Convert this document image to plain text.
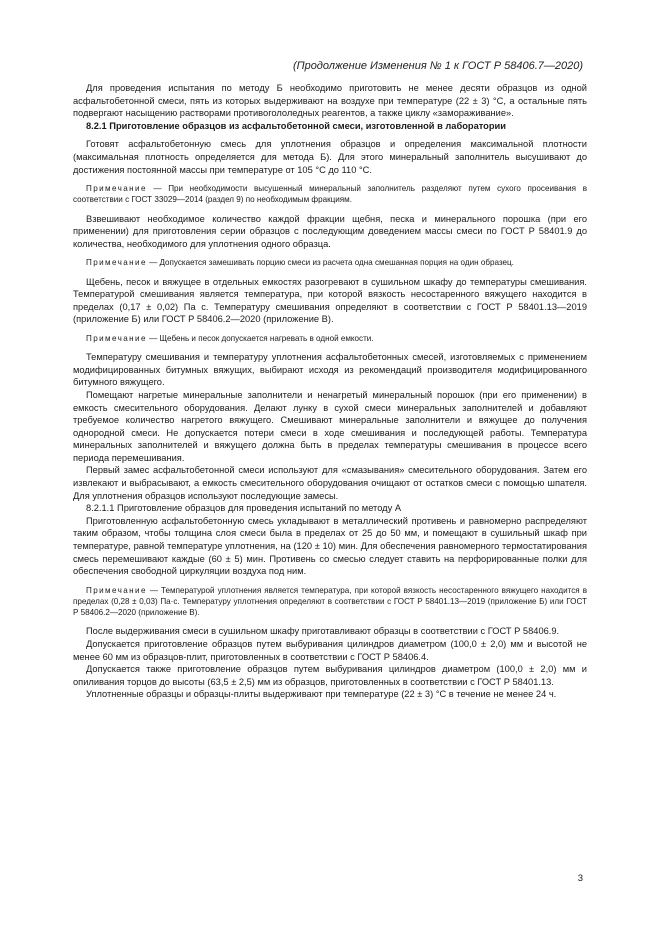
(Продолжение Изменения № 1 к ГОСТ Р 58406.7—2020)

Для проведения испытания по методу Б необходимо приготовить не менее десяти образцов из одной асфальтобетонной смеси, пять из которых выдерживают на воздухе при температуре (22 ± 3) °С, а остальные пять подвергают насыщению растворами противогололедных реагентов, а также циклу «замораживание».

8.2.1 Приготовление образцов из асфальтобетонной смеси, изготовленной в лаборатории

Готовят асфальтобетонную смесь для уплотнения образцов и определения максимальной плотности (максимальная плотность определяется для метода Б). Для этого минеральный заполнитель высушивают до достижения постоянной массы при температуре от 105 °С до 110 °С.

Примечание — При необходимости высушенный минеральный заполнитель разделяют путем сухого просеивания в соответствии с ГОСТ 33029—2014 (раздел 9) по необходимым фракциям.

Взвешивают необходимое количество каждой фракции щебня, песка и минерального порошка (при его применении) для приготовления серии образцов с последующим доведением массы смеси по ГОСТ Р 58401.9 до количества, необходимого для уплотнения одного образца.

Примечание — Допускается замешивать порцию смеси из расчета одна смешанная порция на один образец.

Щебень, песок и вяжущее в отдельных емкостях разогревают в сушильном шкафу до температуры смешивания. Температурой смешивания является температура, при которой вязкость несостаренного вяжущего находится в пределах (0,17 ± 0,02) Па с. Температуру смешивания определяют в соответствии с ГОСТ Р 58401.13—2019 (приложение Б) или ГОСТ Р 58406.2—2020 (приложение В).

Примечание — Щебень и песок допускается нагревать в одной емкости.

Температуру смешивания и температуру уплотнения асфальтобетонных смесей, изготовляемых с применением модифицированных битумных вяжущих, выбирают исходя из рекомендаций производителя модифицированного битумного вяжущего.

Помещают нагретые минеральные заполнители и ненагретый минеральный порошок (при его применении) в емкость смесительного оборудования. Делают лунку в сухой смеси минеральных заполнителей и добавляют требуемое количество нагретого вяжущего. Смешивают минеральные заполнители и вяжущее до получения однородной смеси. Не допускается потери смеси в ходе смешивания и последующей работы. Температура минеральных заполнителей и вяжущего должна быть в пределах температуры смешивания в процессе всего периода перемешивания.

Первый замес асфальтобетонной смеси используют для «смазывания» смесительного оборудования. Затем его извлекают и выбрасывают, а емкость смесительного оборудования очищают от остатков смеси с помощью шпателя. Для уплотнения образцов используют последующие замесы.

8.2.1.1 Приготовление образцов для проведения испытаний по методу А

Приготовленную асфальтобетонную смесь укладывают в металлический противень и равномерно распределяют таким образом, чтобы толщина слоя смеси была в пределах от 25 до 50 мм, и помещают в сушильный шкаф при температуре, равной температуре уплотнения, на (120 ± 10) мин. Для обеспечения равномерного термостатирования смесь перемешивают каждые (60 ± 5) мин. Противень со смесью следует ставить на перфорированные полки для обеспечения свободной циркуляции воздуха под ним.

Примечание — Температурой уплотнения является температура, при которой вязкость несостаренного вяжущего находится в пределах (0,28 ± 0,03) Па·с. Температуру уплотнения определяют в соответствии с ГОСТ Р 58401.13—2019 (приложение Б) или ГОСТ Р 58406.2—2020 (приложение В).

После выдерживания смеси в сушильном шкафу приготавливают образцы в соответствии с ГОСТ Р 58406.9.

Допускается приготовление образцов путем выбуривания цилиндров диаметром (100,0 ± 2,0) мм и высотой не менее 60 мм из образцов-плит, приготовленных в соответствии с ГОСТ Р 58406.4.

Допускается также приготовление образцов путем выбуривания цилиндров диаметром (100,0 ± 2,0) мм и опиливания торцов до высоты (63,5 ± 2,5) мм из образцов, приготовленных в соответствии с ГОСТ Р 58401.13.

Уплотненные образцы и образцы-плиты выдерживают при температуре (22 ± 3) °С в течение не менее 24 ч.

3
